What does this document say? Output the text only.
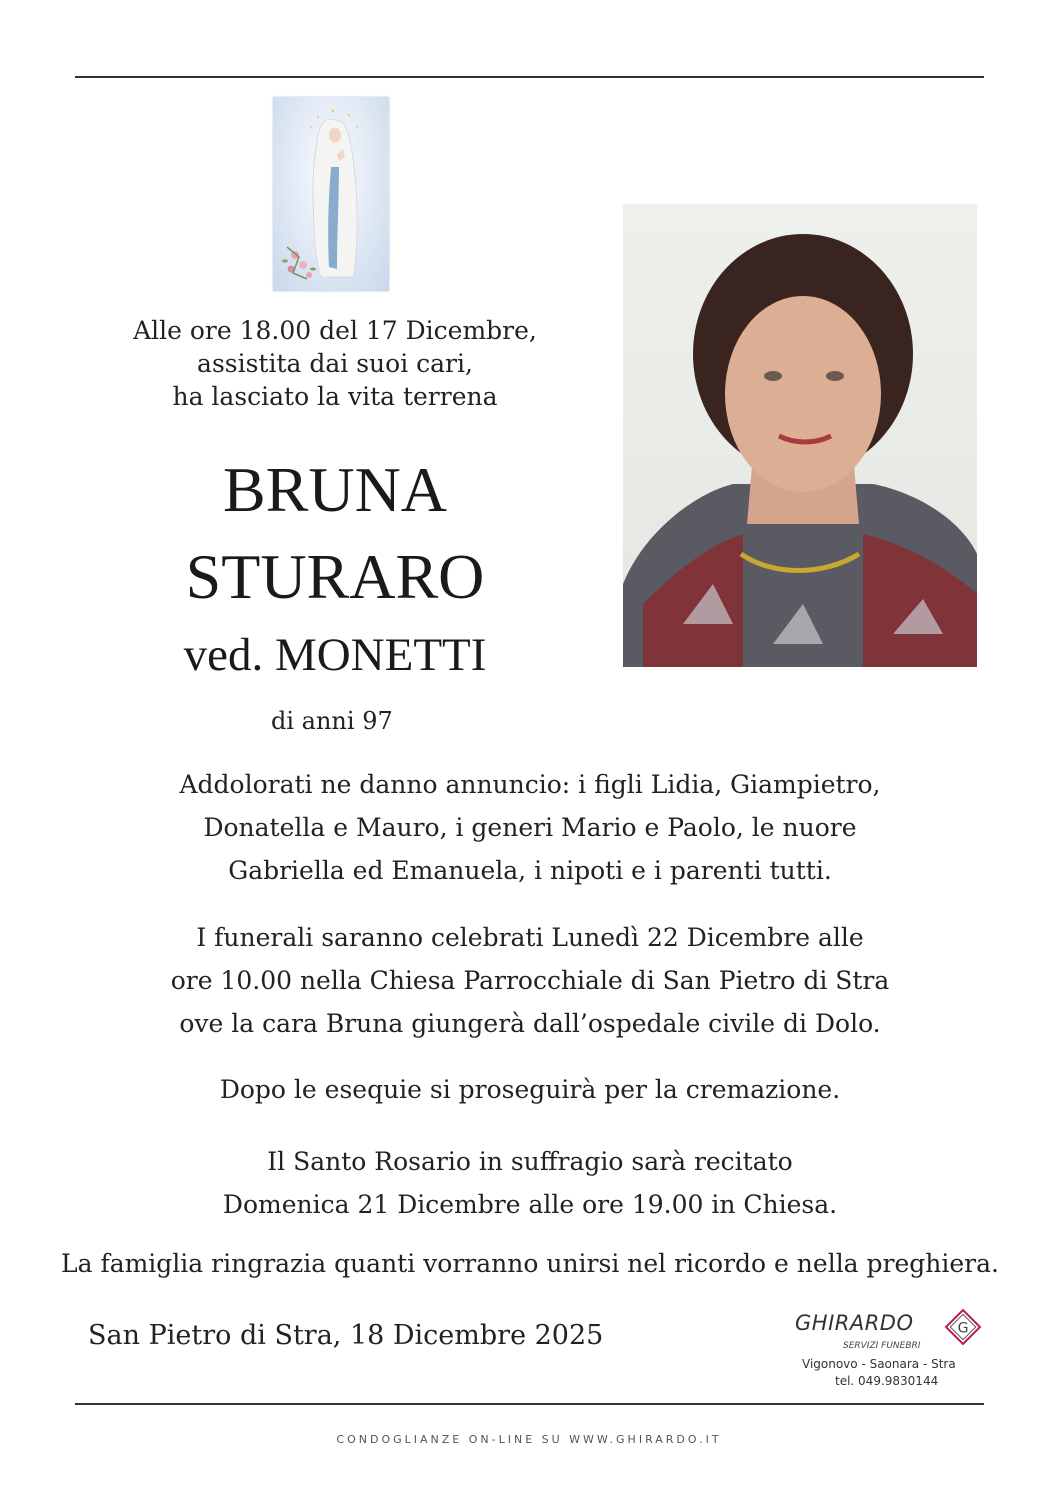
Alle ore 18.00 del 17 Dicembre,
assistita dai suoi cari,
ha lasciato la vita terrena
BRUNA
STURARO
ved. MONETTI
di anni 97
Addolorati ne danno annuncio: i figli Lidia, Giampietro,
Donatella e Mauro, i generi Mario e Paolo, le nuore
Gabriella ed Emanuela, i nipoti e i parenti tutti.
I funerali saranno celebrati Lunedì 22 Dicembre alle
ore 10.00 nella Chiesa Parrocchiale di San Pietro di Stra
ove la cara Bruna giungerà dall’ospedale civile di Dolo.
Dopo le esequie si proseguirà per la cremazione.
Il Santo Rosario in suffragio sarà recitato
Domenica 21 Dicembre alle ore 19.00 in Chiesa.
La famiglia ringrazia quanti vorranno unirsi nel ricordo e nella preghiera.
San Pietro di Stra, 18 Dicembre 2025	GHIRARDO
SERVIZI FUNEBRI
G
Vigonovo - Saonara - Stra
tel. 049.9830144
CONDOGLIANZE ON-LINE SU WWW.GHIRARDO.IT
